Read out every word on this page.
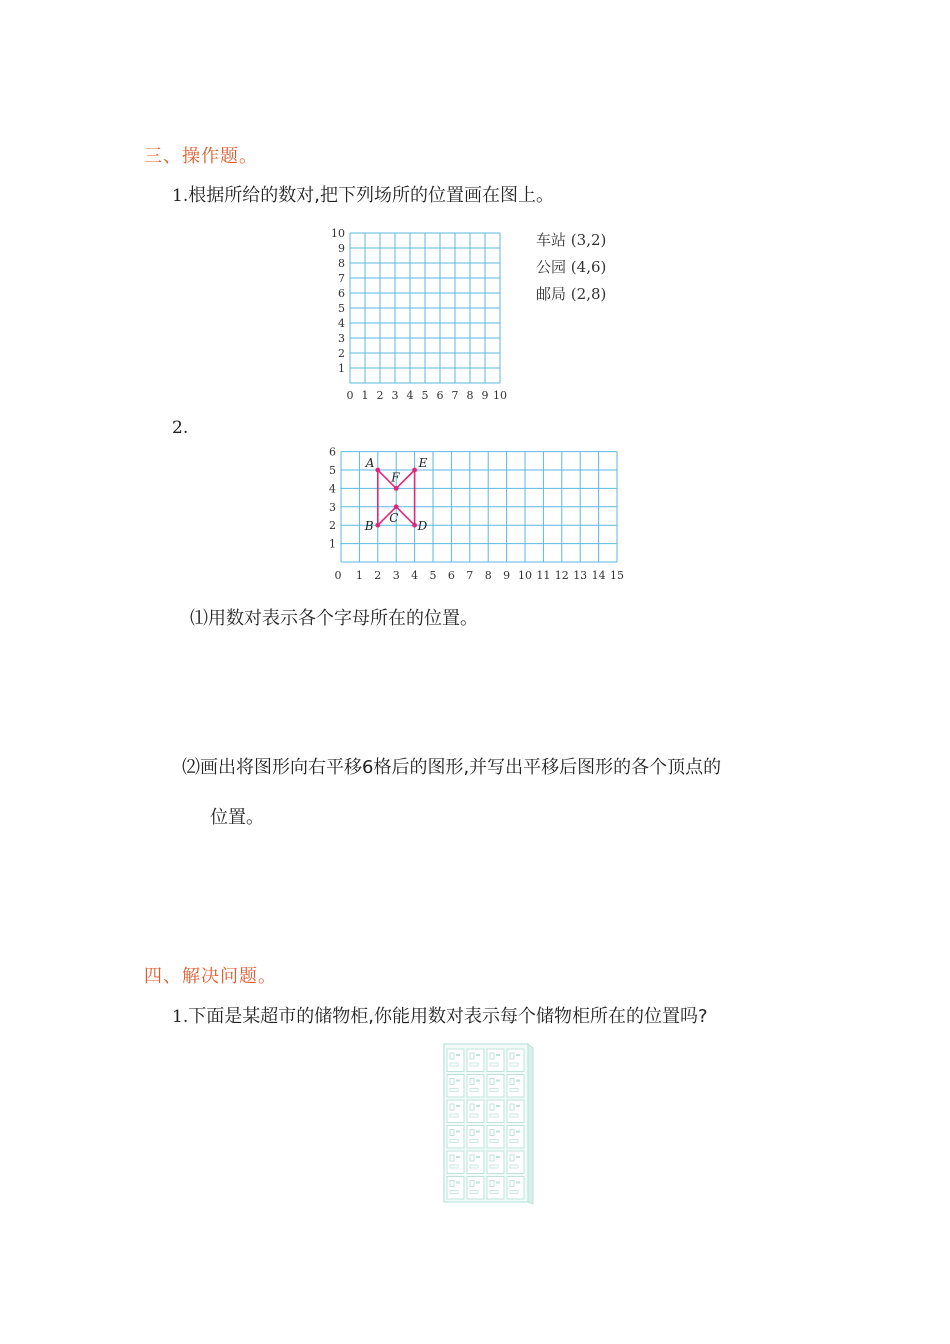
三、操作题。
1.根据所给的数对,把下列场所的位置画在图上。
0 1 2 3 4 5 6 7 8 9 10
1
2
3
4
5
6
7
8
9
10	车站 (3,2)
公园 (4,6)
邮局 (2,8)
2.
A	E
F
C
B	D
0 1 2 3 4 5 6 7 8 9 10 11 12 13 14 15
1
2
3
4
5
6
⑴用数对表示各个字母所在的位置。
⑵画出将图形向右平移6格后的图形,并写出平移后图形的各个顶点的
位置。
四、解决问题。
1.下面是某超市的储物柜,你能用数对表示每个储物柜所在的位置吗?
